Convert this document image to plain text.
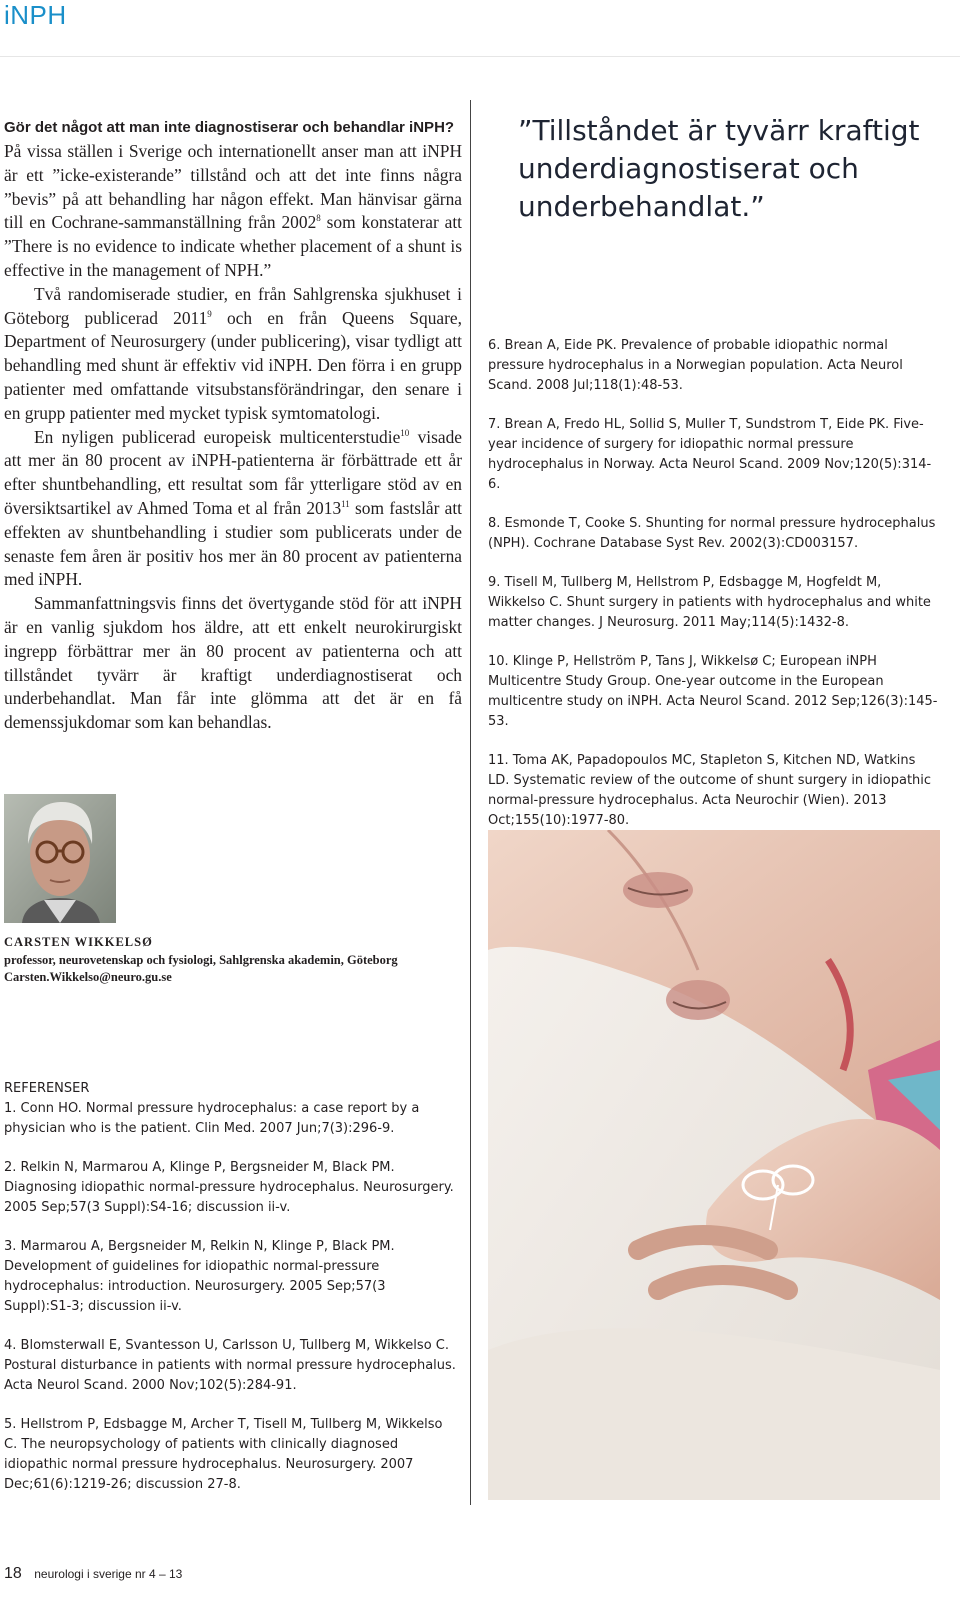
iNPH

Gör det något att man inte diagnostiserar och behandlar iNPH?

På vissa ställen i Sverige och internationellt anser man att iNPH är ett ”icke-existerande” tillstånd och att det inte finns några ”bevis” på att behandling har någon effekt. Man hänvisar gärna till en Cochrane-sammanställning från 2002$^8$ som konstaterar att ”There is no evidence to indicate whether placement of a shunt is effective in the management of NPH.”

Två randomiserade studier, en från Sahlgrenska sjukhuset i Göteborg publicerad 2011$^9$ och en från Queens Square, Department of Neurosurgery (under publicering), visar tydligt att behandling med shunt är effektiv vid iNPH. Den förra i en grupp patienter med omfattande vitsubstansförändringar, den senare i en grupp patienter med mycket typisk symtomatologi.

En nyligen publicerad europeisk multicenterstudie$^{10}$ visade att mer än 80 procent av iNPH-patienterna är förbättrade ett år efter shuntbehandling, ett resultat som får ytterligare stöd av en översiktsartikel av Ahmed Toma et al från 2013$^{11}$ som fastslår att effekten av shuntbehandling i studier som publicerats under de senaste fem åren är positiv hos mer än 80 procent av patienterna med iNPH.

Sammanfattningsvis finns det övertygande stöd för att iNPH är en vanlig sjukdom hos äldre, att ett enkelt neurokirurgiskt ingrepp förbättrar mer än 80 procent av patienterna och att tillståndet tyvärr är kraftigt underdiagnostiserat och underbehandlat. Man får inte glömma att det är en få demenssjukdomar som kan behandlas.

”Tillståndet är tyvärr kraftigt underdiagnostiserat och underbehandlat.”

6. Brean A, Eide PK. Prevalence of probable idiopathic normal pressure hydrocephalus in a Norwegian population. Acta Neurol Scand. 2008 Jul;118(1):48-53.

7. Brean A, Fredo HL, Sollid S, Muller T, Sundstrom T, Eide PK. Five-year incidence of surgery for idiopathic normal pressure hydrocephalus in Norway. Acta Neurol Scand. 2009 Nov;120(5):314-6.

8. Esmonde T, Cooke S. Shunting for normal pressure hydrocephalus (NPH). Cochrane Database Syst Rev. 2002(3):CD003157.

9. Tisell M, Tullberg M, Hellstrom P, Edsbagge M, Hogfeldt M, Wikkelso C. Shunt surgery in patients with hydrocephalus and white matter changes. J Neurosurg. 2011 May;114(5):1432-8.

10. Klinge P, Hellström P, Tans J, Wikkelsø C; European iNPH Multicentre Study Group. One-year outcome in the European multicentre study on iNPH. Acta Neurol Scand. 2012 Sep;126(3):145-53.

11. Toma AK, Papadopoulos MC, Stapleton S, Kitchen ND, Watkins LD. Systematic review of the outcome of shunt surgery in idiopathic normal-pressure hydrocephalus. Acta Neurochir (Wien). 2013 Oct;155(10):1977-80.

CARSTEN WIKKELSØ
professor, neurovetenskap och fysiologi, Sahlgrenska akademin, Göteborg
Carsten.Wikkelso@neuro.gu.se
REFERENSER

1. Conn HO. Normal pressure hydrocephalus: a case report by a physician who is the patient. Clin Med. 2007 Jun;7(3):296-9.

2. Relkin N, Marmarou A, Klinge P, Bergsneider M, Black PM. Diagnosing idiopathic normal-pressure hydrocephalus. Neurosurgery. 2005 Sep;57(3 Suppl):S4-16; discussion ii-v.

3. Marmarou A, Bergsneider M, Relkin N, Klinge P, Black PM. Development of guidelines for idiopathic normal-pressure hydrocephalus: introduction. Neurosurgery. 2005 Sep;57(3 Suppl):S1-3; discussion ii-v.

4. Blomsterwall E, Svantesson U, Carlsson U, Tullberg M, Wikkelso C. Postural disturbance in patients with normal pressure hydrocephalus. Acta Neurol Scand. 2000 Nov;102(5):284-91.

5. Hellstrom P, Edsbagge M, Archer T, Tisell M, Tullberg M, Wikkelso C. The neuropsychology of patients with clinically diagnosed idiopathic normal pressure hydrocephalus. Neurosurgery. 2007 Dec;61(6):1219-26; discussion 27-8.

18 neurologi i sverige nr 4 – 13
